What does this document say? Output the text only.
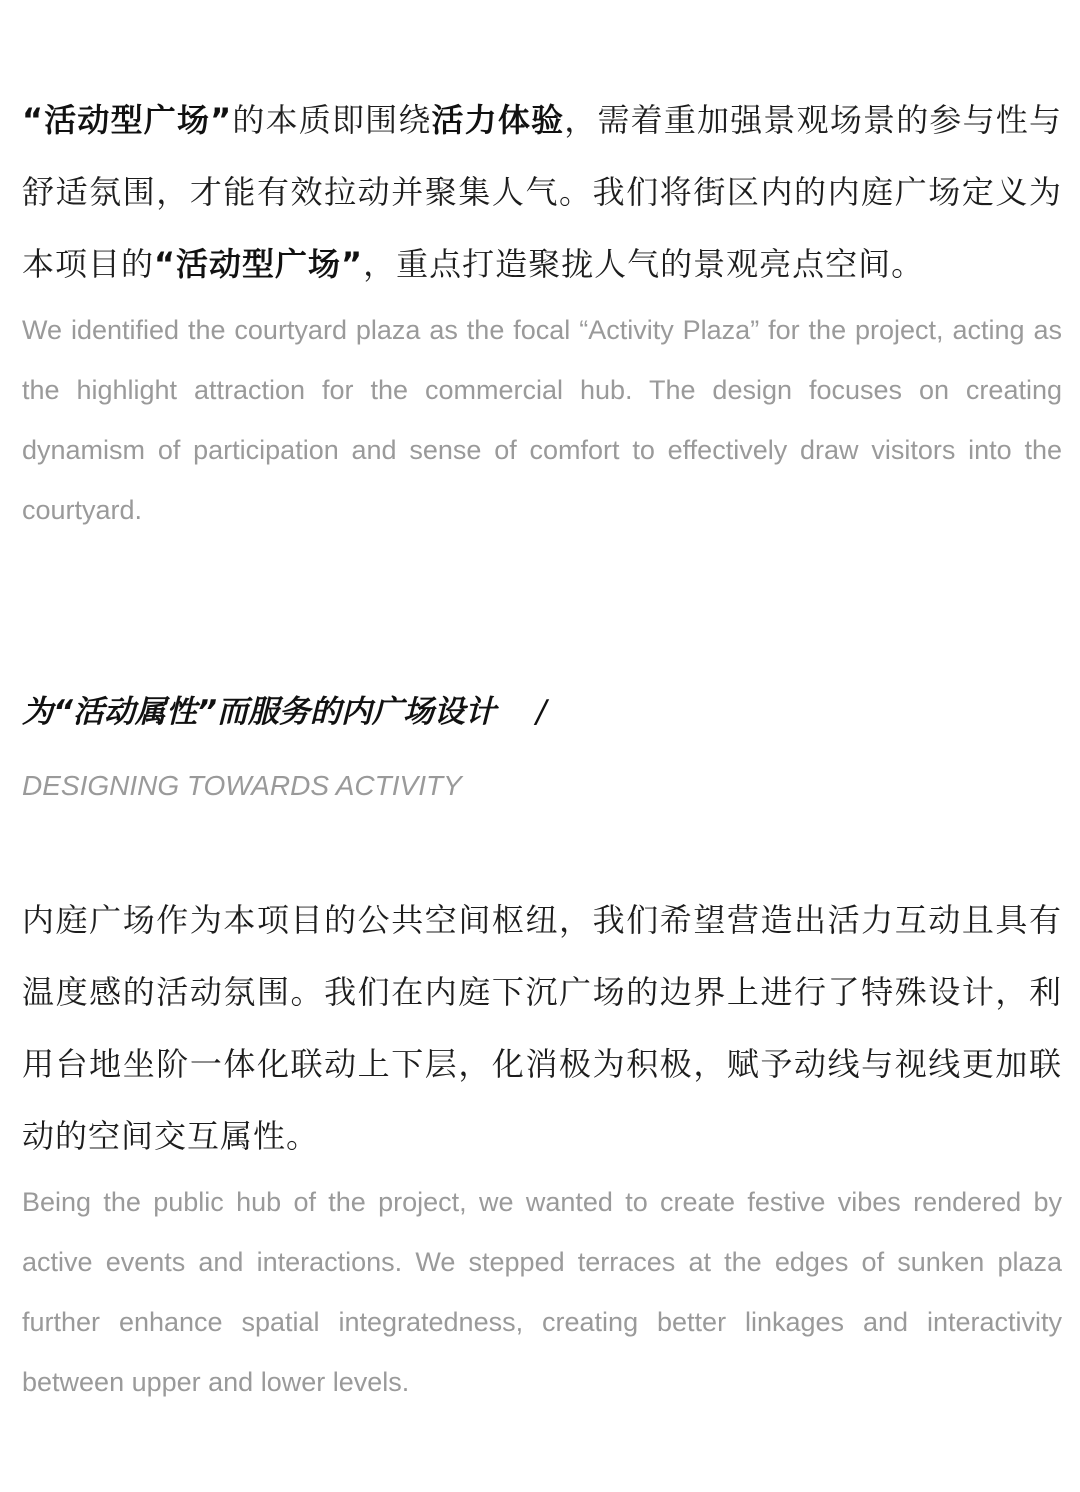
“活动型广场”的本质即围绕活力体验，需着重加强景观场景的参与性与舒适氛围，才能有效拉动并聚集人气。我们将街区内的内庭广场定义为本项目的“活动型广场”，重点打造聚拢人气的景观亮点空间。

We identified the courtyard plaza as the focal “Activity Plaza” for the project, acting as the highlight attraction for the commercial hub. The design focuses on creating dynamism of participation and sense of comfort to effectively draw visitors into the courtyard.

为“活动属性”而服务的内广场设计 /

DESIGNING TOWARDS ACTIVITY

内庭广场作为本项目的公共空间枢纽，我们希望营造出活力互动且具有温度感的活动氛围。我们在内庭下沉广场的边界上进行了特殊设计，利用台地坐阶一体化联动上下层，化消极为积极，赋予动线与视线更加联动的空间交互属性。

Being the public hub of the project, we wanted to create festive vibes rendered by active events and interactions. We stepped terraces at the edges of sunken plaza further enhance spatial integratedness, creating better linkages and interactivity between upper and lower levels.
